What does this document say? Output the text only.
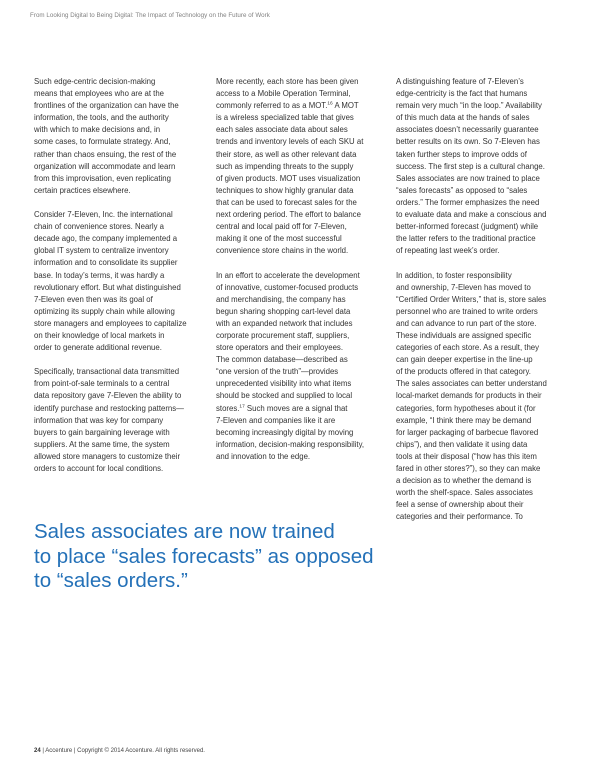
From Looking Digital to Being Digital: The Impact of Technology on the Future of Work

Such edge-centric decision-making
means that employees who are at the
frontlines of the organization can have the
information, the tools, and the authority
with which to make decisions and, in
some cases, to formulate strategy. And,
rather than chaos ensuing, the rest of the
organization will accommodate and learn
from this improvisation, even replicating
certain practices elsewhere.

Consider 7-Eleven, Inc. the international
chain of convenience stores. Nearly a
decade ago, the company implemented a
global IT system to centralize inventory
information and to consolidate its supplier
base. In today’s terms, it was hardly a
revolutionary effort. But what distinguished
7-Eleven even then was its goal of
optimizing its supply chain while allowing
store managers and employees to capitalize
on their knowledge of local markets in
order to generate additional revenue.

Specifically, transactional data transmitted
from point-of-sale terminals to a central
data repository gave 7-Eleven the ability to
identify purchase and restocking patterns—
information that was key for company
buyers to gain bargaining leverage with
suppliers. At the same time, the system
allowed store managers to customize their
orders to account for local conditions.

More recently, each store has been given
access to a Mobile Operation Terminal,
commonly referred to as a MOT.$^{16}$ A MOT
is a wireless specialized table that gives
each sales associate data about sales
trends and inventory levels of each SKU at
their store, as well as other relevant data
such as impending threats to the supply
of given products. MOT uses visualization
techniques to show highly granular data
that can be used to forecast sales for the
next ordering period. The effort to balance
central and local paid off for 7-Eleven,
making it one of the most successful
convenience store chains in the world.

In an effort to accelerate the development
of innovative, customer-focused products
and merchandising, the company has
begun sharing shopping cart-level data
with an expanded network that includes
corporate procurement staff, suppliers,
store operators and their employees.
The common database—described as
“one version of the truth”—provides
unprecedented visibility into what items
should be stocked and supplied to local
stores.$^{17}$ Such moves are a signal that
7-Eleven and companies like it are
becoming increasingly digital by moving
information, decision-making responsibility,
and innovation to the edge.

A distinguishing feature of 7-Eleven’s
edge-centricity is the fact that humans
remain very much “in the loop.” Availability
of this much data at the hands of sales
associates doesn’t necessarily guarantee
better results on its own. So 7-Eleven has
taken further steps to improve odds of
success. The first step is a cultural change.
Sales associates are now trained to place
“sales forecasts” as opposed to “sales
orders.” The former emphasizes the need
to evaluate data and make a conscious and
better-informed forecast (judgment) while
the latter refers to the traditional practice
of repeating last week’s order.

In addition, to foster responsibility
and ownership, 7-Eleven has moved to
“Certified Order Writers,” that is, store sales
personnel who are trained to write orders
and can advance to run part of the store.
These individuals are assigned specific
categories of each store. As a result, they
can gain deeper expertise in the line-up
of the products offered in that category.
The sales associates can better understand
local-market demands for products in their
categories, form hypotheses about it (for
example, “I think there may be demand
for larger packaging of barbecue flavored
chips”), and then validate it using data
tools at their disposal (“how has this item
fared in other stores?”), so they can make
a decision as to whether the demand is
worth the shelf-space. Sales associates
feel a sense of ownership about their
categories and their performance. To

Sales associates are now trained
to place “sales forecasts” as opposed
to “sales orders.”
24 | Accenture | Copyright © 2014 Accenture. All rights reserved.
